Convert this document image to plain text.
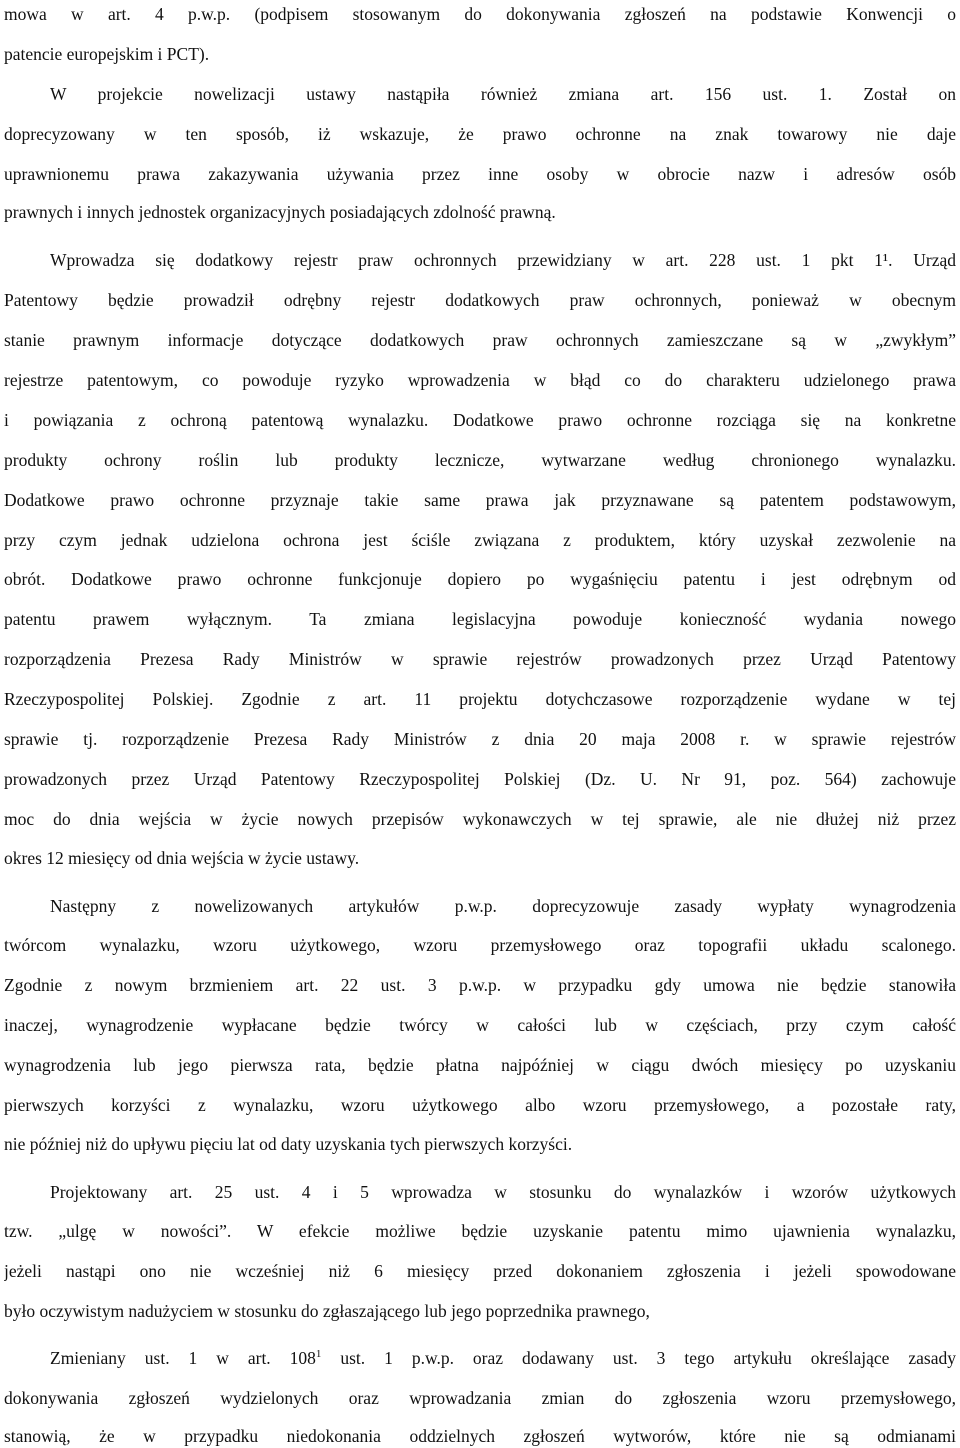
mowa w art. 4 p.w.p. (podpisem stosowanym do dokonywania zgłoszeń na podstawie Konwencji o
patencie europejskim i PCT).
W projekcie nowelizacji ustawy nastąpiła również zmiana art. 156 ust. 1. Został on
doprecyzowany w ten sposób, iż wskazuje, że prawo ochronne na znak towarowy nie daje
uprawnionemu prawa zakazywania używania przez inne osoby w obrocie nazw i adresów osób
prawnych i innych jednostek organizacyjnych posiadających zdolność prawną.
Wprowadza się dodatkowy rejestr praw ochronnych przewidziany w art. 228 ust. 1 pkt 1¹. Urząd
Patentowy będzie prowadził odrębny rejestr dodatkowych praw ochronnych, ponieważ w obecnym
stanie prawnym informacje dotyczące dodatkowych praw ochronnych zamieszczane są w „zwykłym”
rejestrze patentowym, co powoduje ryzyko wprowadzenia w błąd co do charakteru udzielonego prawa
i powiązania z ochroną patentową wynalazku. Dodatkowe prawo ochronne rozciąga się na konkretne
produkty ochrony roślin lub produkty lecznicze, wytwarzane według chronionego wynalazku.
Dodatkowe prawo ochronne przyznaje takie same prawa jak przyznawane są patentem podstawowym,
przy czym jednak udzielona ochrona jest ściśle związana z produktem, który uzyskał zezwolenie na
obrót. Dodatkowe prawo ochronne funkcjonuje dopiero po wygaśnięciu patentu i jest odrębnym od
patentu prawem wyłącznym. Ta zmiana legislacyjna powoduje konieczność wydania nowego
rozporządzenia Prezesa Rady Ministrów w sprawie rejestrów prowadzonych przez Urząd Patentowy
Rzeczypospolitej Polskiej. Zgodnie z art. 11 projektu dotychczasowe rozporządzenie wydane w tej
sprawie tj. rozporządzenie Prezesa Rady Ministrów z dnia 20 maja 2008 r. w sprawie rejestrów
prowadzonych przez Urząd Patentowy Rzeczypospolitej Polskiej (Dz. U. Nr 91, poz. 564) zachowuje
moc do dnia wejścia w życie nowych przepisów wykonawczych w tej sprawie, ale nie dłużej niż przez
okres 12 miesięcy od dnia wejścia w życie ustawy.
Następny z nowelizowanych artykułów p.w.p. doprecyzowuje zasady wypłaty wynagrodzenia
twórcom wynalazku, wzoru użytkowego, wzoru przemysłowego oraz topografii układu scalonego.
Zgodnie z nowym brzmieniem art. 22 ust. 3 p.w.p. w przypadku gdy umowa nie będzie stanowiła
inaczej, wynagrodzenie wypłacane będzie twórcy w całości lub w częściach, przy czym całość
wynagrodzenia lub jego pierwsza rata, będzie płatna najpóźniej w ciągu dwóch miesięcy po uzyskaniu
pierwszych korzyści z wynalazku, wzoru użytkowego albo wzoru przemysłowego, a pozostałe raty,
nie później niż do upływu pięciu lat od daty uzyskania tych pierwszych korzyści.
Projektowany art. 25 ust. 4 i 5 wprowadza w stosunku do wynalazków i wzorów użytkowych
tzw. „ulgę w nowości”. W efekcie możliwe będzie uzyskanie patentu mimo ujawnienia wynalazku,
jeżeli nastąpi ono nie wcześniej niż 6 miesięcy przed dokonaniem zgłoszenia i jeżeli spowodowane
było oczywistym nadużyciem w stosunku do zgłaszającego lub jego poprzednika prawnego,
Zmieniany ust. 1 w art. $108^1$ ust. 1 p.w.p. oraz dodawany ust. 3 tego artykułu określające zasady
dokonywania zgłoszeń wydzielonych oraz wprowadzania zmian do zgłoszenia wzoru przemysłowego,
stanowią, że w przypadku niedokonania oddzielnych zgłoszeń wytworów, które nie są odmianami
